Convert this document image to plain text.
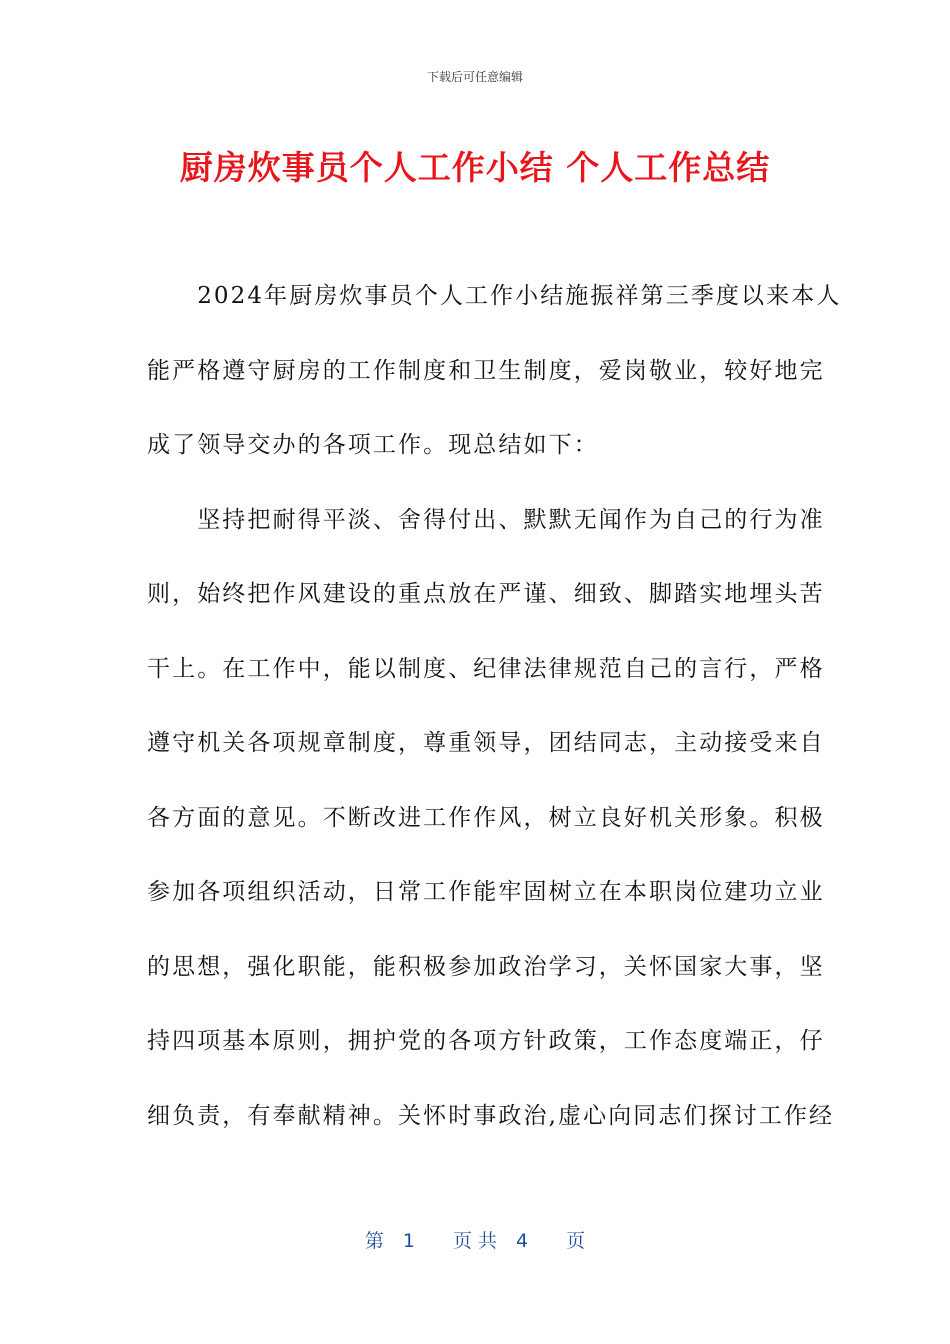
下载后可任意编辑
厨房炊事员个人工作小结 个人工作总结
　　2024年厨房炊事员个人工作小结施振祥第三季度以来本人
能严格遵守厨房的工作制度和卫生制度，爱岗敬业，较好地完
成了领导交办的各项工作。现总结如下：
　　坚持把耐得平淡、舍得付出、默默无闻作为自己的行为准
则，始终把作风建设的重点放在严谨、细致、脚踏实地埋头苦
干上。在工作中，能以制度、纪律法律规范自己的言行，严格
遵守机关各项规章制度，尊重领导，团结同志，主动接受来自
各方面的意见。不断改进工作作风，树立良好机关形象。积极
参加各项组织活动，日常工作能牢固树立在本职岗位建功立业
的思想，强化职能，能积极参加政治学习，关怀国家大事，坚
持四项基本原则，拥护党的各项方针政策，工作态度端正，仔
细负责，有奉献精神。关怀时事政治,虚心向同志们探讨工作经
第　1　　页 共　4　　页
